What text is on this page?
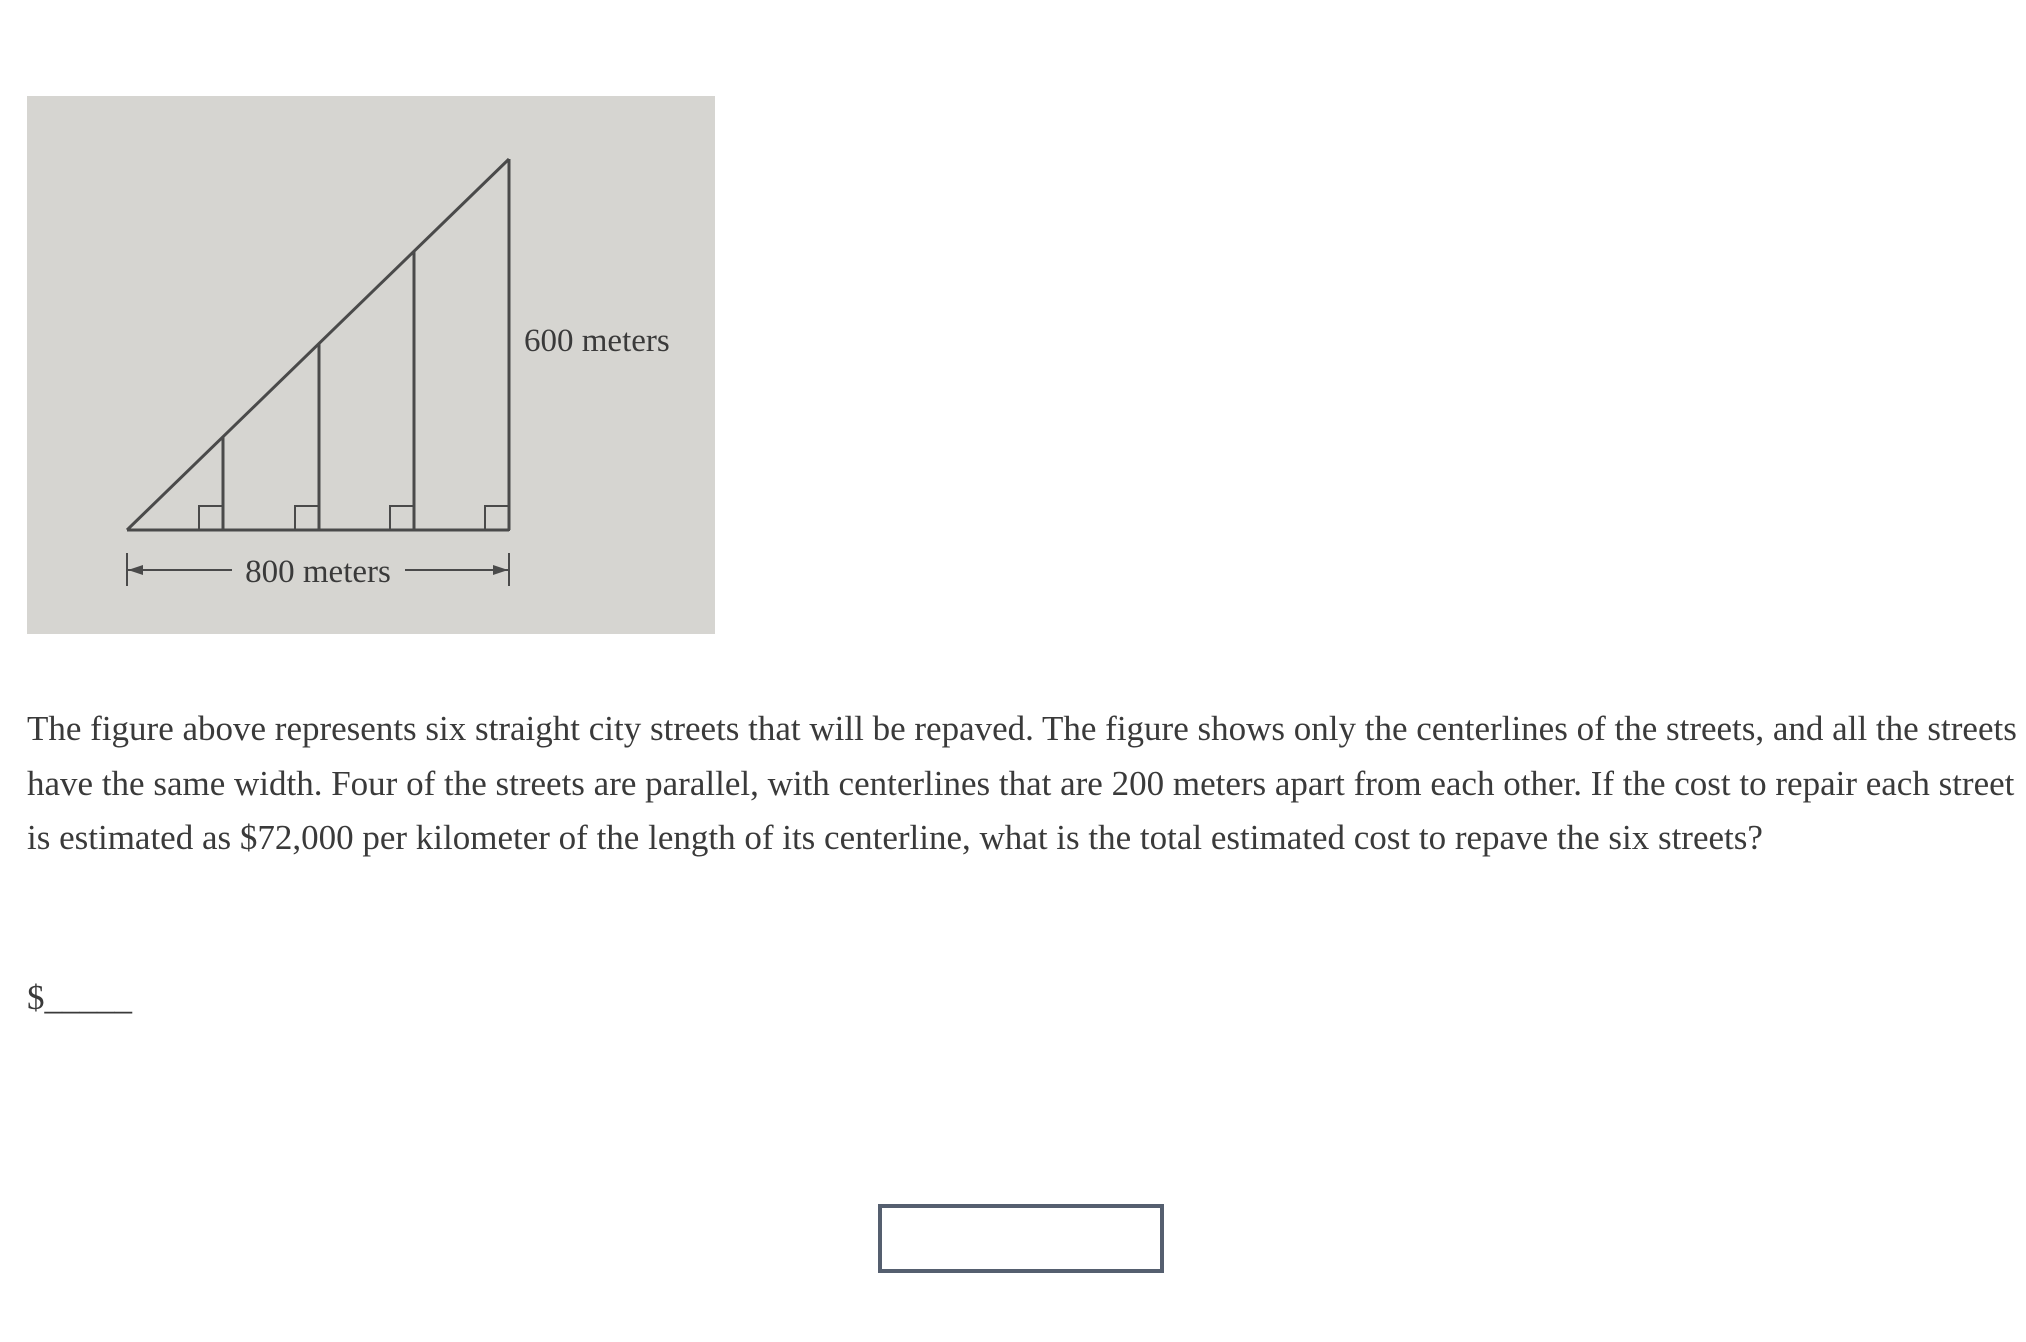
600 meters
800 meters

The figure above represents six straight city streets that will be repaved. The figure shows only the centerlines of the streets, and all the streets have the same width. Four of the streets are parallel, with centerlines that are 200 meters apart from each other. If the cost to repair each street is estimated as $72,000 per kilometer of the length of its centerline, what is the total estimated cost to repave the six streets?

$_____
